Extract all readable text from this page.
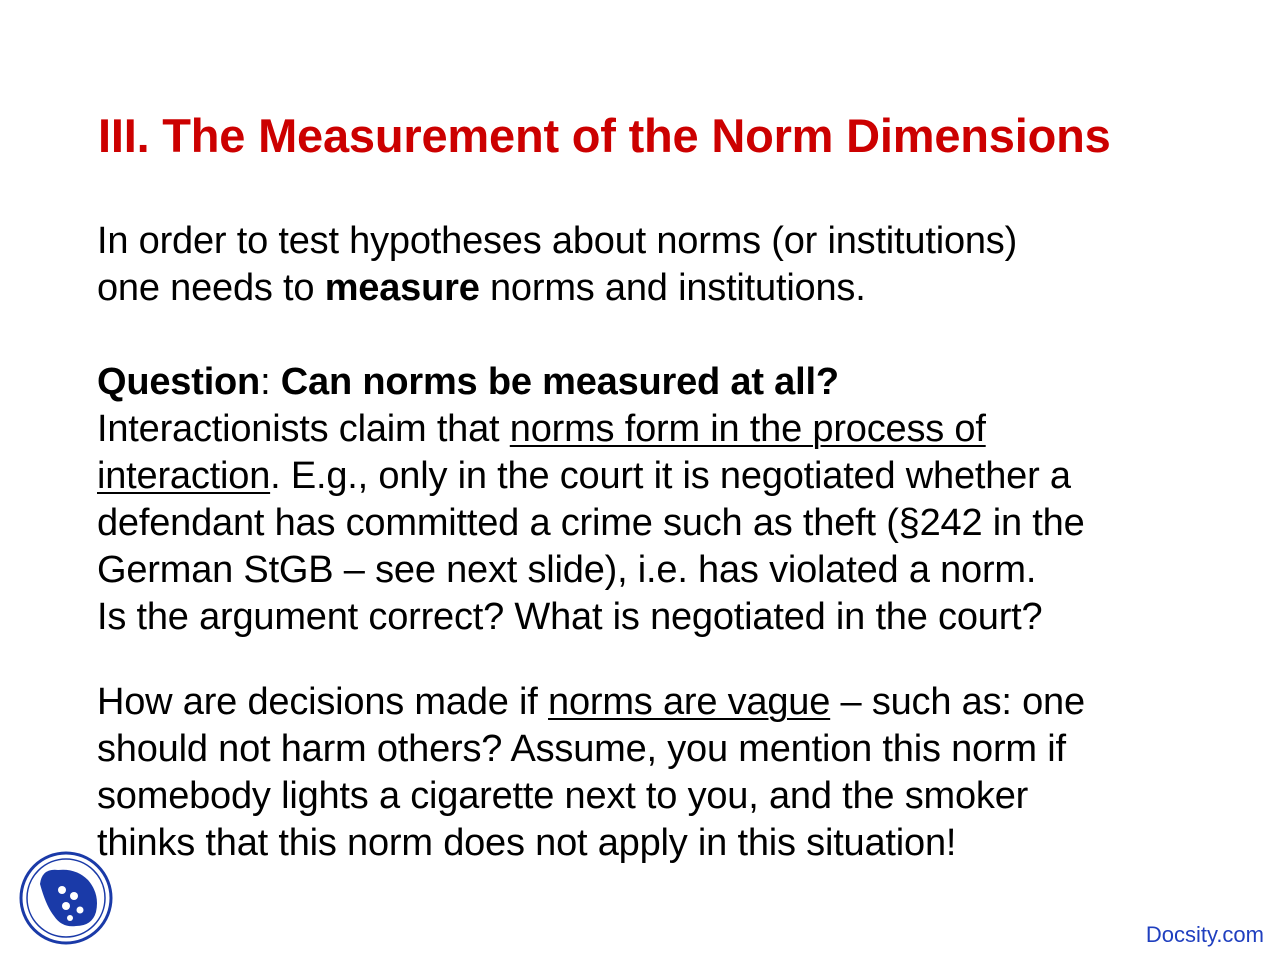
III. The Measurement of the Norm Dimensions
In order to test hypotheses about norms (or institutions)
one needs to measure norms and institutions.
Question: Can norms be measured at all?
Interactionists claim that norms form in the process of
interaction. E.g., only in the court it is negotiated whether a
defendant has committed a crime such as theft (§242 in the
German StGB – see next slide), i.e. has violated a norm.
Is the argument correct? What is negotiated in the court?
How are decisions made if norms are vague – such as: one
should not harm others? Assume, you mention this norm if
somebody lights a cigarette next to you, and the smoker
thinks that this norm does not apply in this situation!
Docsity.com
